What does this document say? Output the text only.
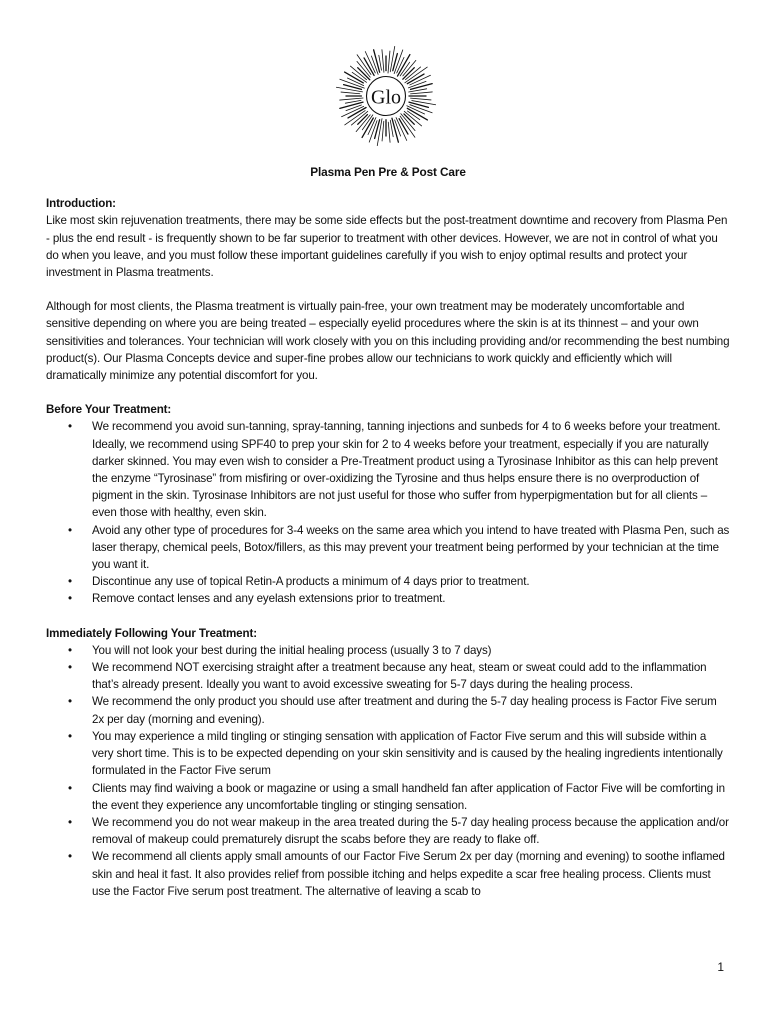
Glo
Plasma Pen Pre & Post Care
Introduction:

Like most skin rejuvenation treatments, there may be some side effects but the post-treatment downtime and recovery from Plasma Pen - plus the end result - is frequently shown to be far superior to treatment with other devices. However, we are not in control of what you do when you leave, and you must follow these important guidelines carefully if you wish to enjoy optimal results and protect your investment in Plasma treatments.

Although for most clients, the Plasma treatment is virtually pain-free, your own treatment may be moderately uncomfortable and sensitive depending on where you are being treated – especially eyelid procedures where the skin is at its thinnest – and your own sensitivities and tolerances. Your technician will work closely with you on this including providing and/or recommending the best numbing product(s). Our Plasma Concepts device and super-fine probes allow our technicians to work quickly and efficiently which will dramatically minimize any potential discomfort for you.

Before Your Treatment:
• We recommend you avoid sun-tanning, spray-tanning, tanning injections and sunbeds for 4 to 6 weeks before your treatment. Ideally, we recommend using SPF40 to prep your skin for 2 to 4 weeks before your treatment, especially if you are naturally darker skinned. You may even wish to consider a Pre-Treatment product using a Tyrosinase Inhibitor as this can help prevent the enzyme “Tyrosinase” from misfiring or over-oxidizing the Tyrosine and thus helps ensure there is no overproduction of pigment in the skin. Tyrosinase Inhibitors are not just useful for those who suffer from hyperpigmentation but for all clients – even those with healthy, even skin.
• Avoid any other type of procedures for 3-4 weeks on the same area which you intend to have treated with Plasma Pen, such as laser therapy, chemical peels, Botox/fillers, as this may prevent your treatment being performed by your technician at the time you want it.
• Discontinue any use of topical Retin-A products a minimum of 4 days prior to treatment.
• Remove contact lenses and any eyelash extensions prior to treatment.
Immediately Following Your Treatment:
• You will not look your best during the initial healing process (usually 3 to 7 days)
• We recommend NOT exercising straight after a treatment because any heat, steam or sweat could add to the inflammation that’s already present. Ideally you want to avoid excessive sweating for 5-7 days during the healing process.
• We recommend the only product you should use after treatment and during the 5-7 day healing process is Factor Five serum 2x per day (morning and evening).
• You may experience a mild tingling or stinging sensation with application of Factor Five serum and this will subside within a very short time. This is to be expected depending on your skin sensitivity and is caused by the healing ingredients intentionally formulated in the Factor Five serum
• Clients may find waiving a book or magazine or using a small handheld fan after application of Factor Five will be comforting in the event they experience any uncomfortable tingling or stinging sensation.
• We recommend you do not wear makeup in the area treated during the 5-7 day healing process because the application and/or removal of makeup could prematurely disrupt the scabs before they are ready to flake off.
• We recommend all clients apply small amounts of our Factor Five Serum 2x per day (morning and evening) to soothe inflamed skin and heal it fast. It also provides relief from possible itching and helps expedite a scar free healing process. Clients must use the Factor Five serum post treatment. The alternative of leaving a scab to
1
